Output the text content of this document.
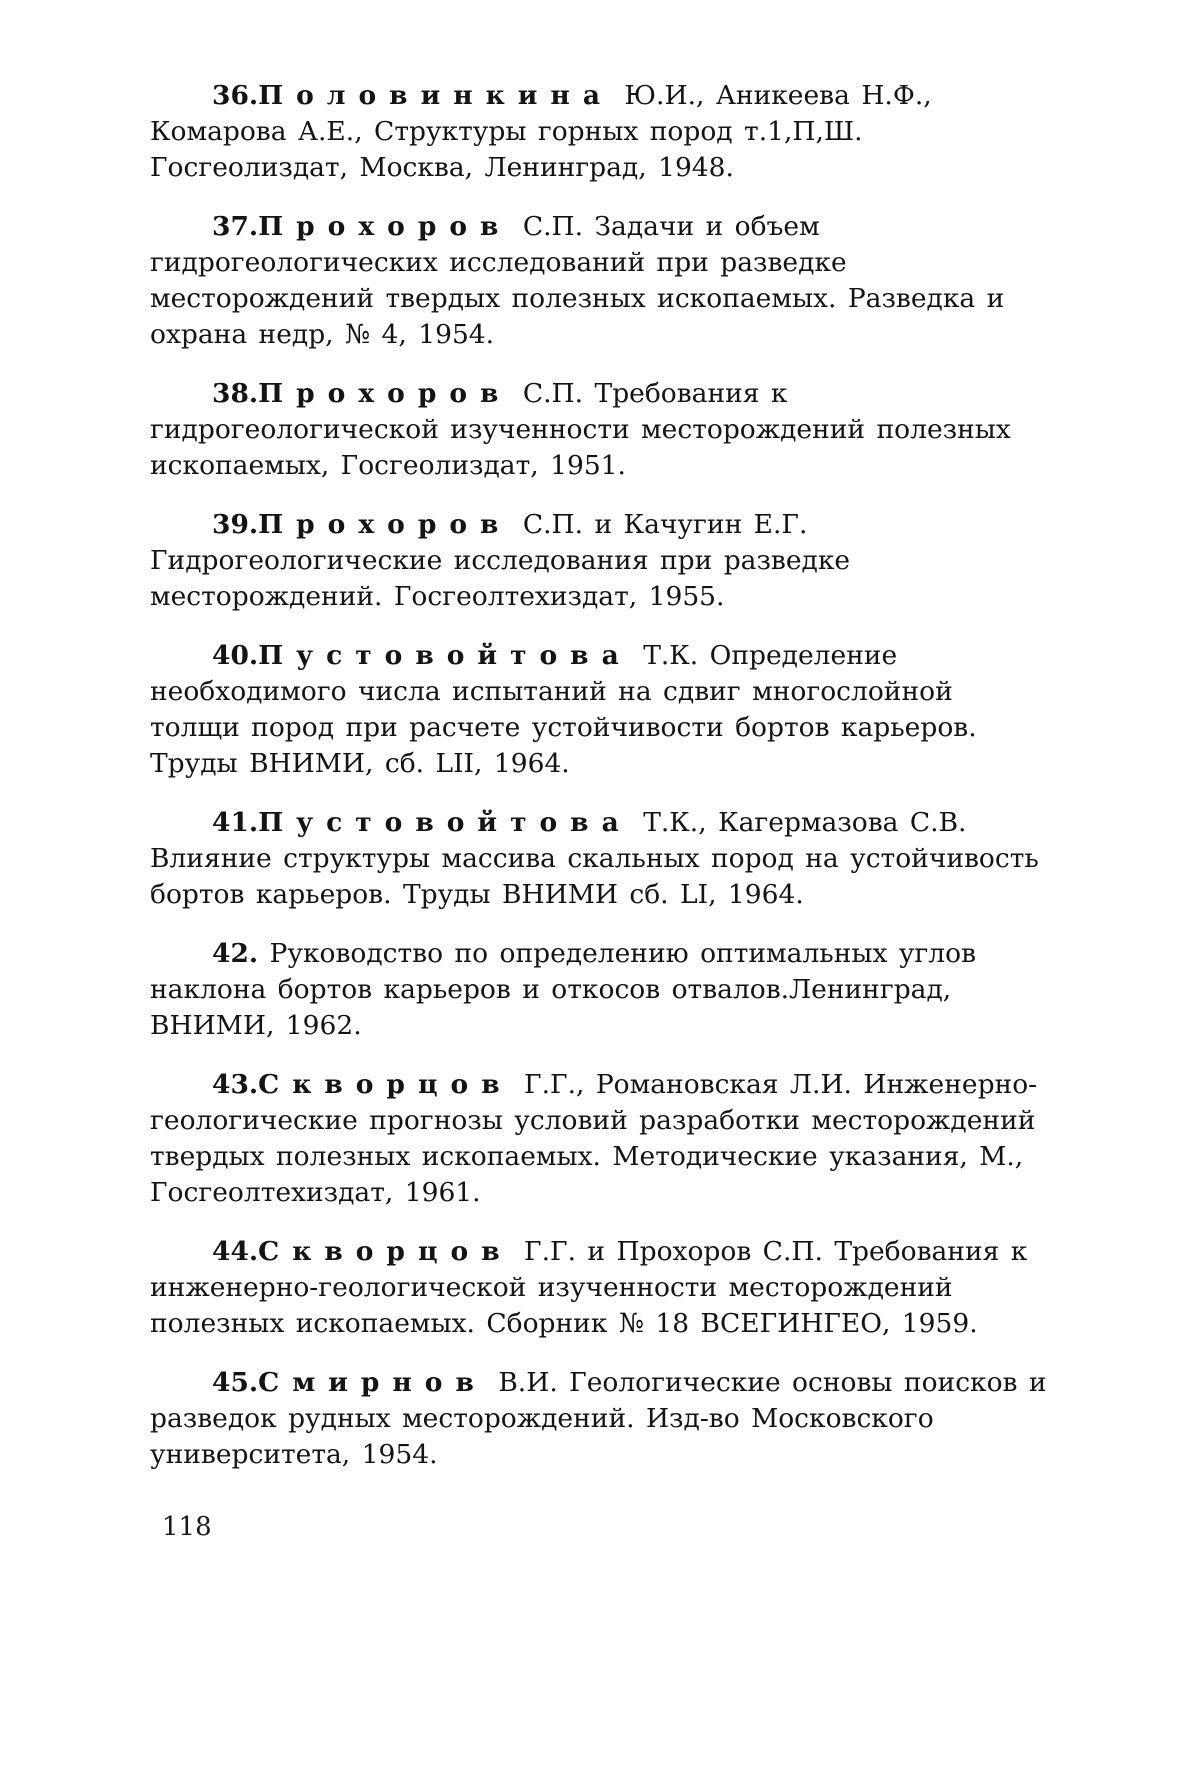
36.Половинкина Ю.И., Аникеева Н.Ф., Комарова А.Е., Структуры горных пород т.1,П,Ш. Госгеолиздат, Москва, Ленинград, 1948.

37.Прохоров С.П. Задачи и объем гидрогеологических исследований при разведке месторождений твердых полезных ископаемых. Разведка и охрана недр, № 4, 1954.

38.Прохоров С.П. Требования к гидрогеологической изученности месторождений полезных ископаемых, Госгеолиздат, 1951.

39.Прохоров С.П. и Качугин Е.Г. Гидрогеологические исследования при разведке месторождений. Госгеолтехиздат, 1955.

40.Пустовойтова Т.К. Определение необходимого числа испытаний на сдвиг многослойной толщи пород при расчете устойчивости бортов карьеров. Труды ВНИМИ, сб. LII, 1964.

41.Пустовойтова Т.К., Кагермазова С.В. Влияние структуры массива скальных пород на устойчивость бортов карьеров. Труды ВНИМИ сб. LI, 1964.

42. Руководство по определению оптимальных углов наклона бортов карьеров и откосов отвалов.Ленинград, ВНИМИ, 1962.

43.Скворцов Г.Г., Романовская Л.И. Инженерно-геологические прогнозы условий разработки месторождений твердых полезных ископаемых. Методические указания, М., Госгеолтехиздат, 1961.

44.Скворцов Г.Г. и Прохоров С.П. Требования к инженерно-геологической изученности месторождений полезных ископаемых. Сборник № 18 ВСЕГИНГЕО, 1959.

45.Смирнов В.И. Геологические основы поисков и разведок рудных месторождений. Изд-во Московского университета, 1954.

118
